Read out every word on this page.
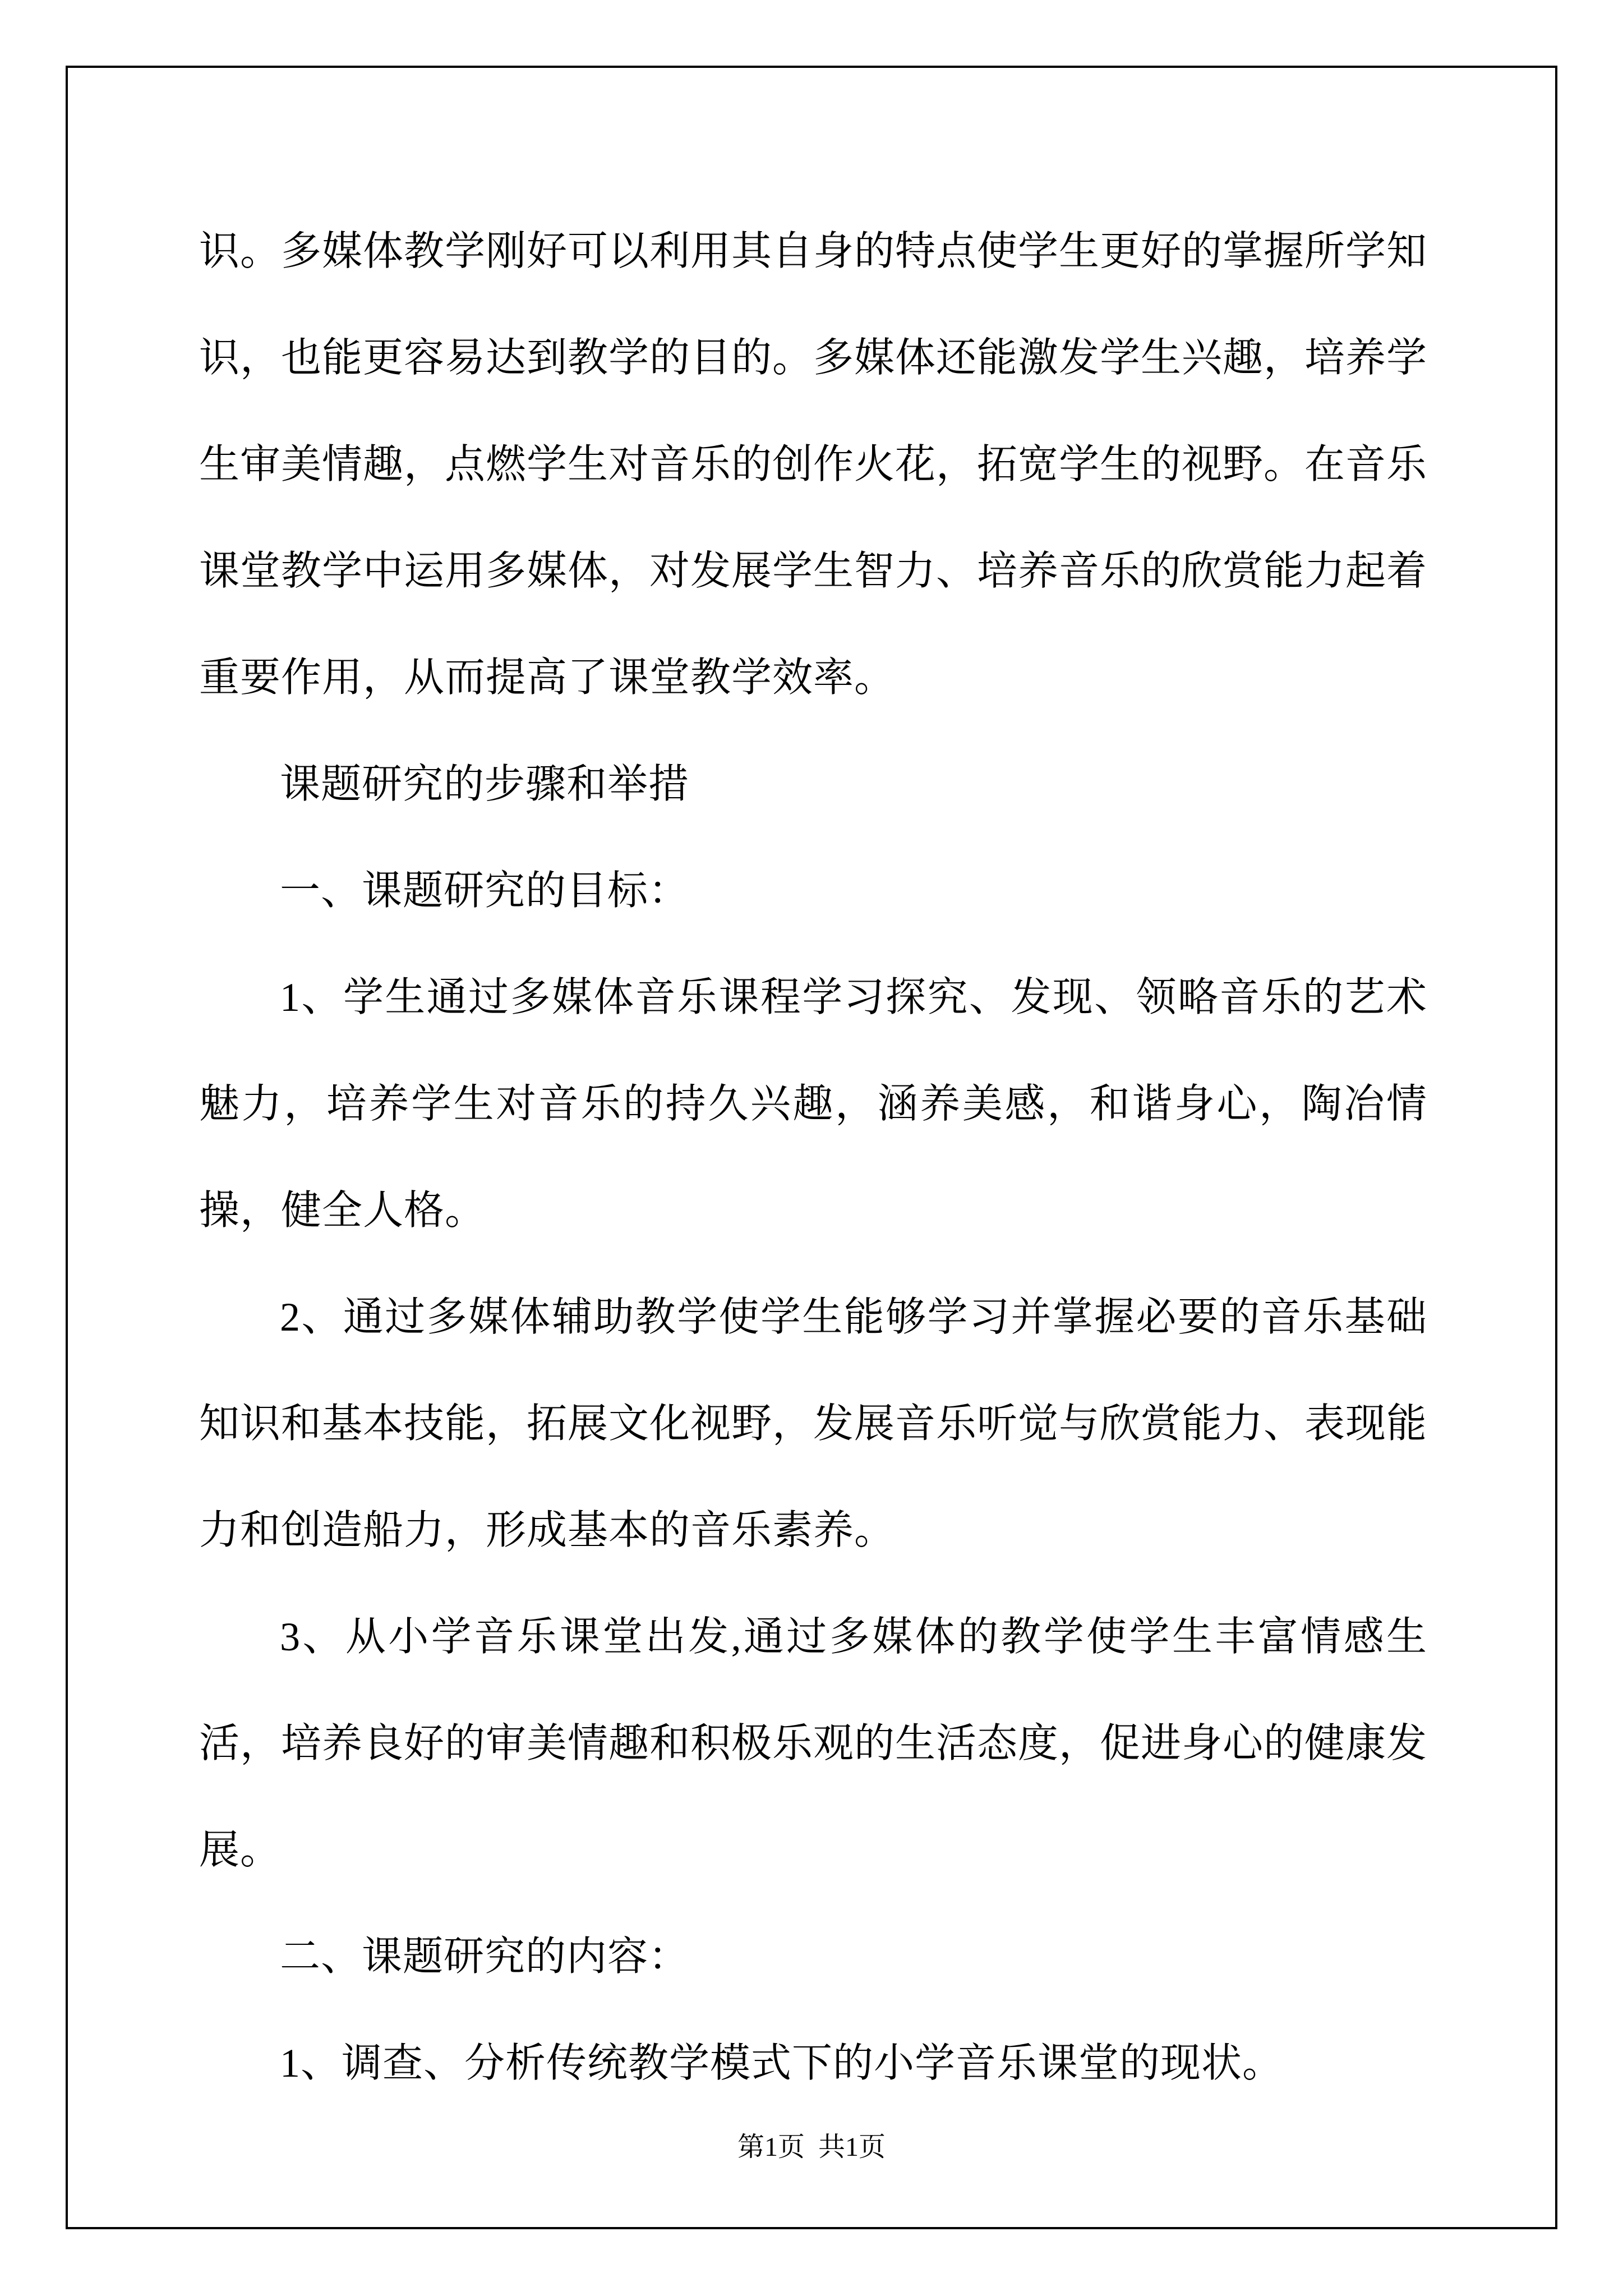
识。多媒体教学刚好可以利用其自身的特点使学生更好的掌握所学知识，也能更容易达到教学的目的。多媒体还能激发学生兴趣，培养学生审美情趣，点燃学生对音乐的创作火花，拓宽学生的视野。在音乐课堂教学中运用多媒体，对发展学生智力、培养音乐的欣赏能力起着重要作用，从而提高了课堂教学效率。

课题研究的步骤和举措

一、课题研究的目标：

1、学生通过多媒体音乐课程学习探究、发现、领略音乐的艺术魅力，培养学生对音乐的持久兴趣，涵养美感，和谐身心，陶冶情操，健全人格。

2、通过多媒体辅助教学使学生能够学习并掌握必要的音乐基础知识和基本技能，拓展文化视野，发展音乐听觉与欣赏能力、表现能力和创造船力，形成基本的音乐素养。

3、从小学音乐课堂出发,通过多媒体的教学使学生丰富情感生活，培养良好的审美情趣和积极乐观的生活态度，促进身心的健康发展。

二、课题研究的内容：

1、调查、分析传统教学模式下的小学音乐课堂的现状。

第1页  共1页
